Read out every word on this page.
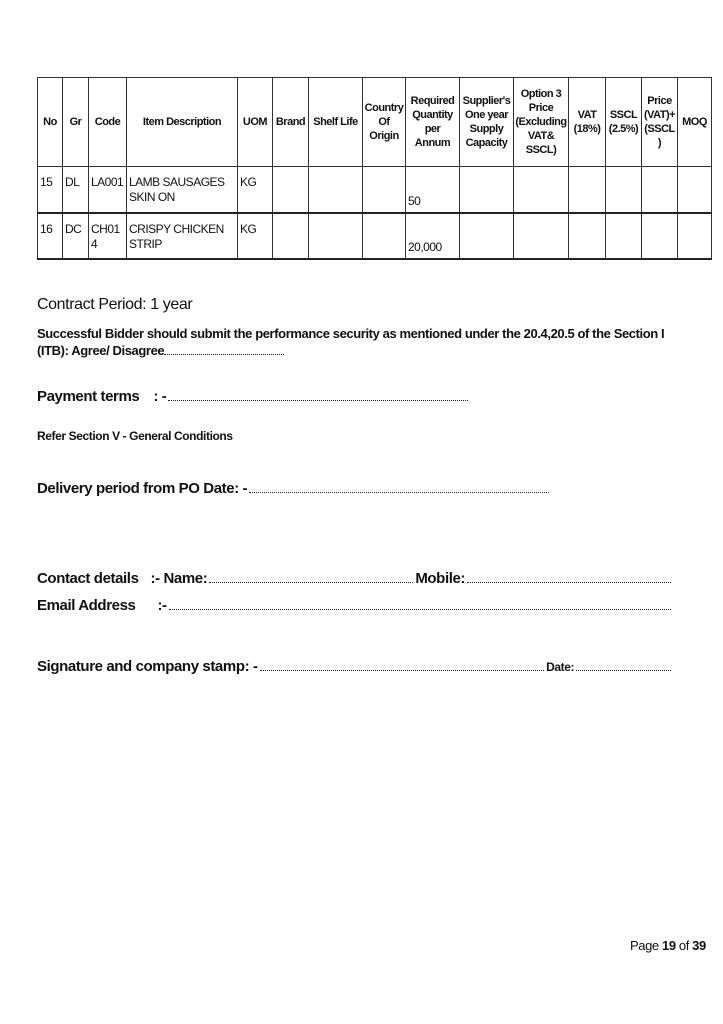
No	Gr	Code	Item Description	UOM	Brand	Shelf Life	Country Of Origin	Required Quantity per Annum	Supplier's One year Supply Capacity	Option 3 Price (Excluding VAT& SSCL)	VAT (18%)	SSCL (2.5%)	Price (VAT)+ (SSCL)	MOQ
15	DL	LA001	LAMB SAUSAGES SKIN ON	KG				50						
16	DC	CH014	CRISPY CHICKEN STRIP	KG				20,000						
Contract Period: 1 year
Successful Bidder should submit the performance security as mentioned under the 20.4,20.5 of the Section I (ITB): Agree/ Disagree
Payment terms : -
Refer Section V - General Conditions
Delivery period from PO Date: -
Contact details :- Name:	Mobile:
Email Address :-
Signature and company stamp: -	Date:
Page 19 of 39
